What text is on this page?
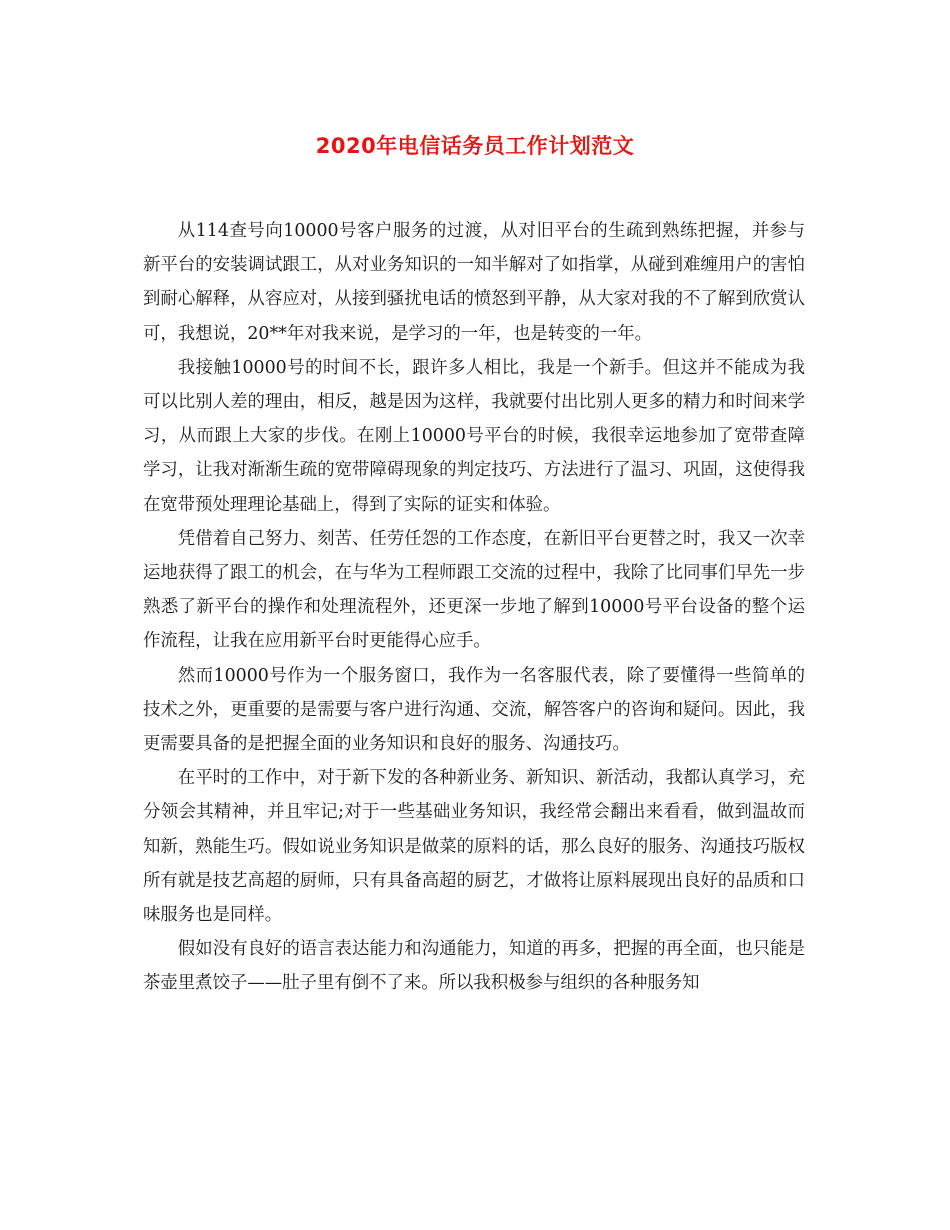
2020年电信话务员工作计划范文

从114查号向10000号客户服务的过渡，从对旧平台的生疏到熟练把握，并参与新平台的安装调试跟工，从对业务知识的一知半解对了如指掌，从碰到难缠用户的害怕到耐心解释，从容应对，从接到骚扰电话的愤怒到平静，从大家对我的不了解到欣赏认可，我想说，20**年对我来说，是学习的一年，也是转变的一年。

我接触10000号的时间不长，跟许多人相比，我是一个新手。但这并不能成为我可以比别人差的理由，相反，越是因为这样，我就要付出比别人更多的精力和时间来学习，从而跟上大家的步伐。在刚上10000号平台的时候，我很幸运地参加了宽带查障学习，让我对渐渐生疏的宽带障碍现象的判定技巧、方法进行了温习、巩固，这使得我在宽带预处理理论基础上，得到了实际的证实和体验。

凭借着自己努力、刻苦、任劳任怨的工作态度，在新旧平台更替之时，我又一次幸运地获得了跟工的机会，在与华为工程师跟工交流的过程中，我除了比同事们早先一步熟悉了新平台的操作和处理流程外，还更深一步地了解到10000号平台设备的整个运作流程，让我在应用新平台时更能得心应手。

然而10000号作为一个服务窗口，我作为一名客服代表，除了要懂得一些简单的技术之外，更重要的是需要与客户进行沟通、交流，解答客户的咨询和疑问。因此，我更需要具备的是把握全面的业务知识和良好的服务、沟通技巧。

在平时的工作中，对于新下发的各种新业务、新知识、新活动，我都认真学习，充分领会其精神，并且牢记;对于一些基础业务知识，我经常会翻出来看看，做到温故而知新，熟能生巧。假如说业务知识是做菜的原料的话，那么良好的服务、沟通技巧版权所有就是技艺高超的厨师，只有具备高超的厨艺，才做将让原料展现出良好的品质和口味服务也是同样。

假如没有良好的语言表达能力和沟通能力，知道的再多，把握的再全面，也只能是茶壶里煮饺子——肚子里有倒不了来。所以我积极参与组织的各种服务知
